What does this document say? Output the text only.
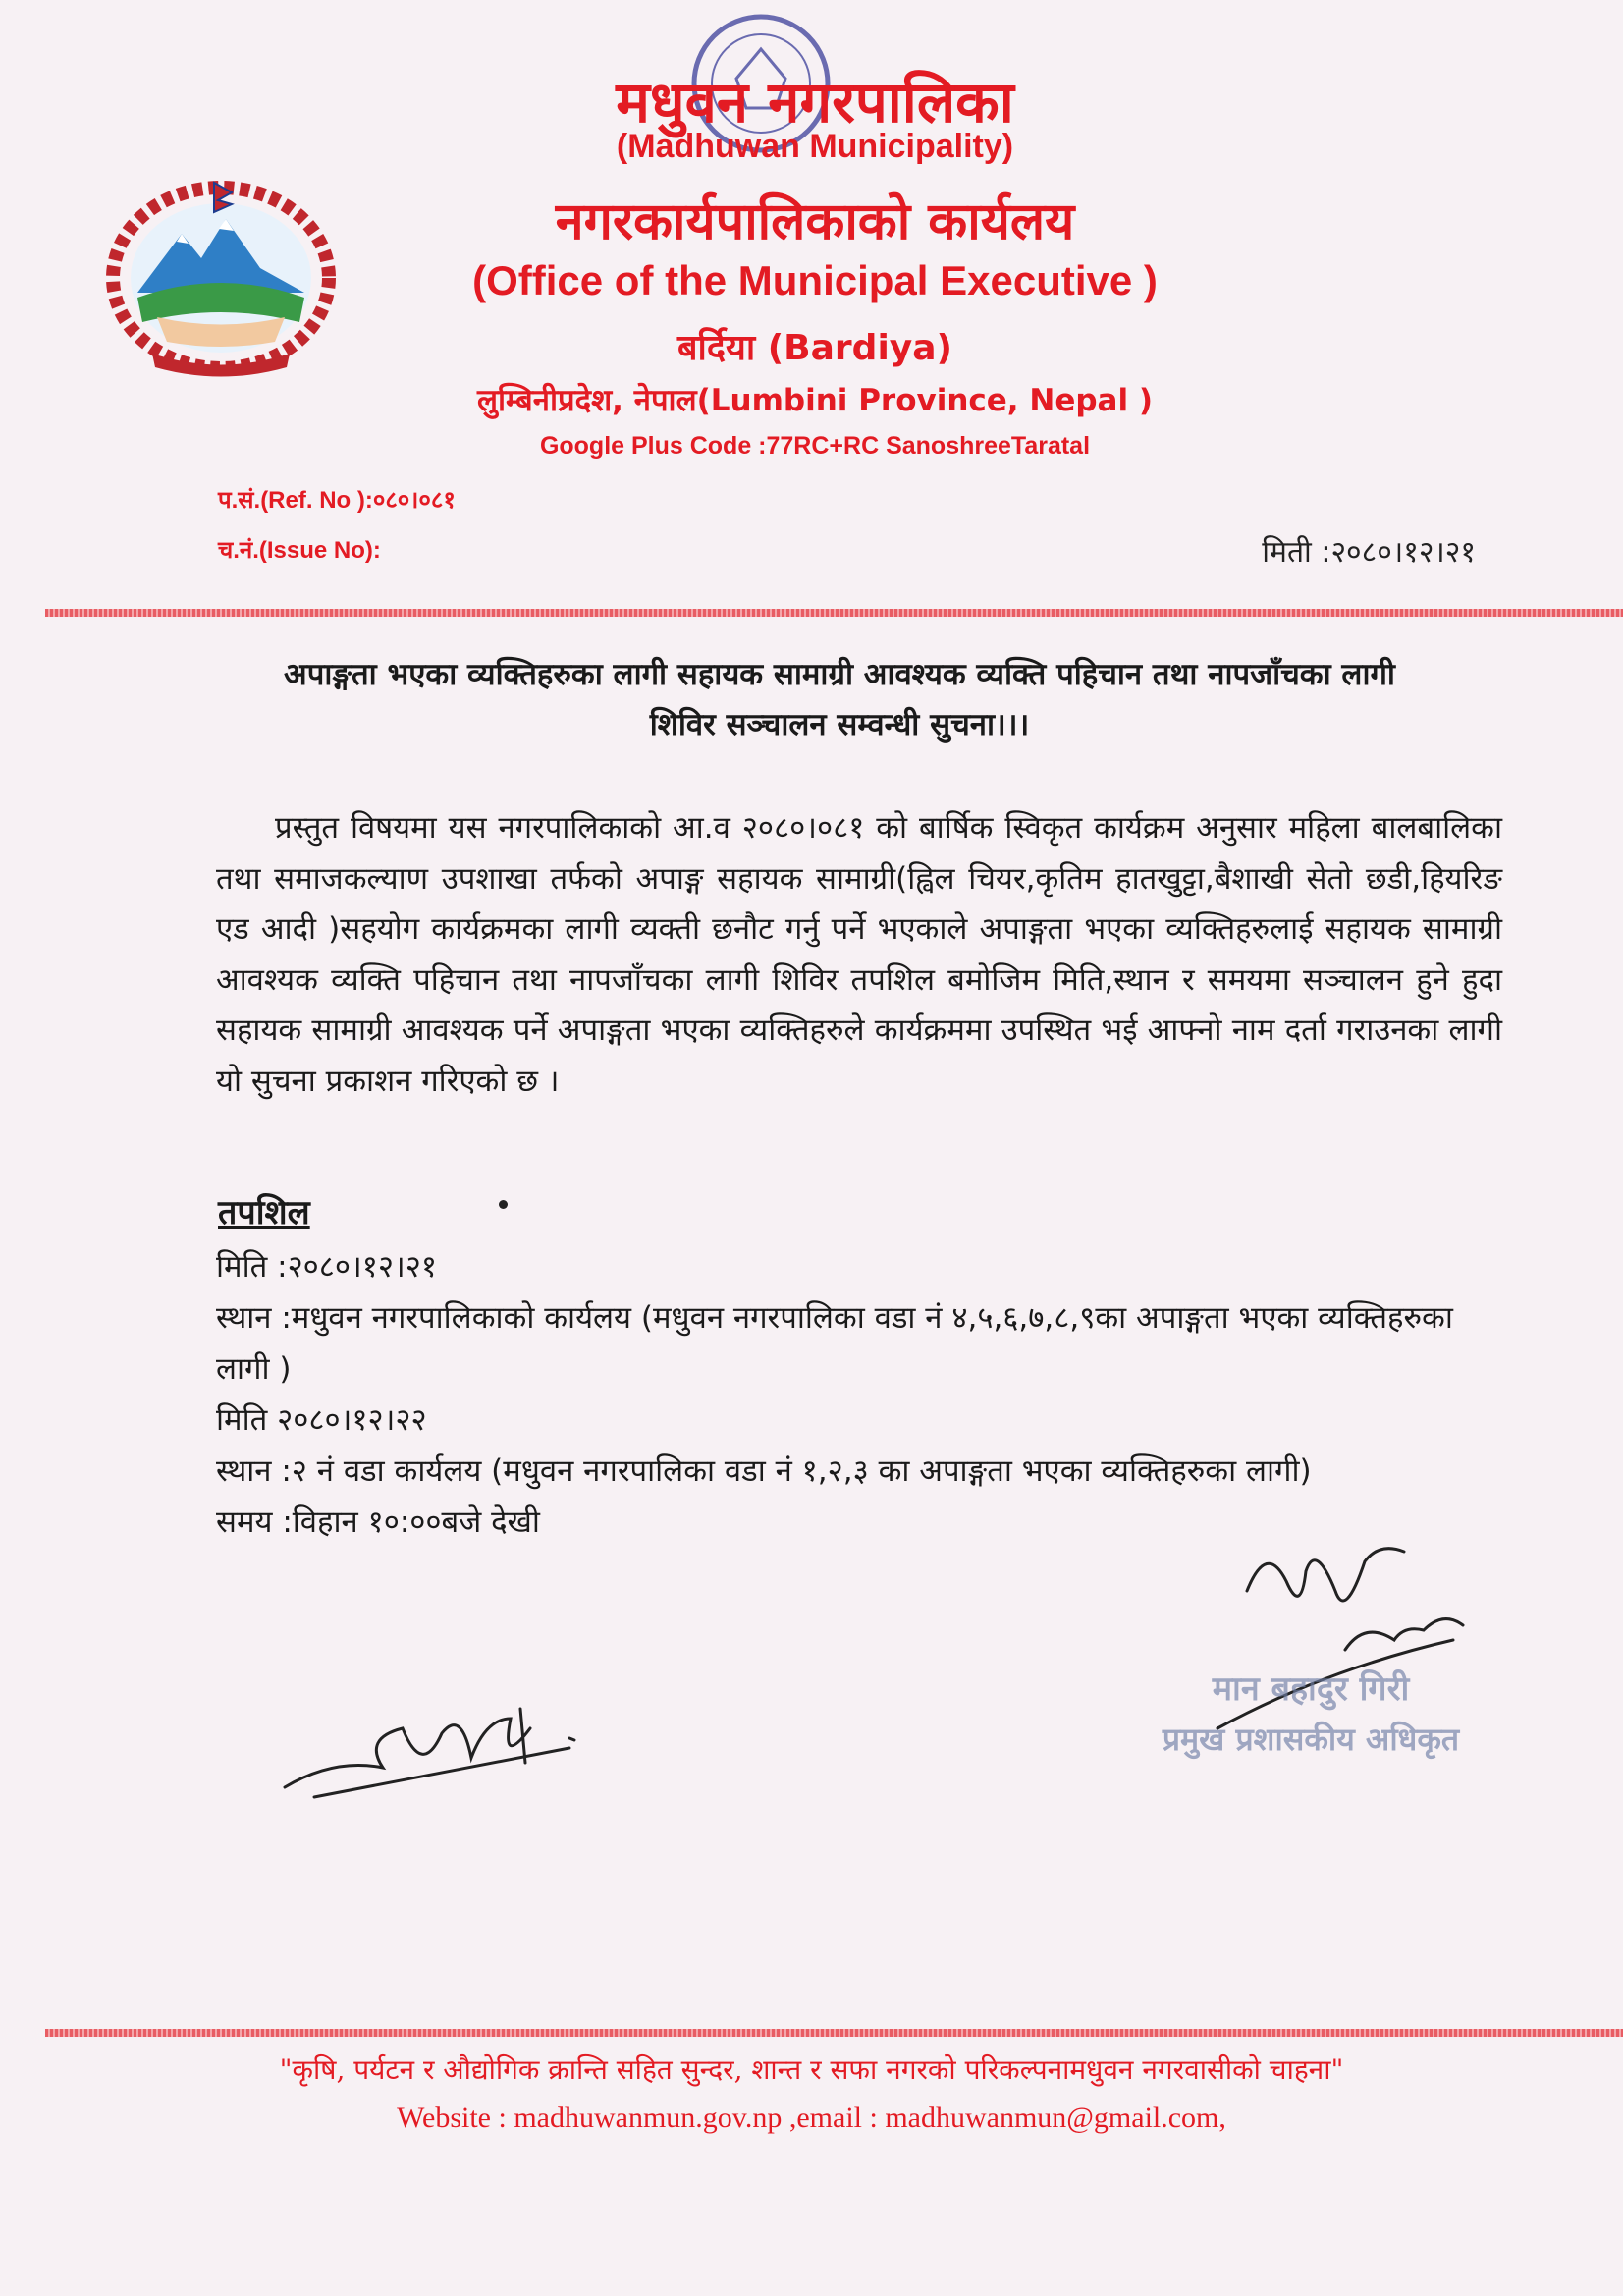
मधुवन नगरपालिका
(Madhuwan Municipality)
नगरकार्यपालिकाको कार्यलय
(Office of the Municipal Executive )
बर्दिया (Bardiya)
लुम्बिनीप्रदेश, नेपाल(Lumbini Province, Nepal )
Google Plus Code :77RC+RC SanoshreeTaratal
प.सं.(Ref. No ):०८०।०८१
च.नं.(Issue No):	मिती :२०८०।१२।२१
अपाङ्गता भएका व्यक्तिहरुका लागी सहायक सामाग्री आवश्यक व्यक्ति पहिचान तथा नापजाँचका लागी
शिविर सञ्चालन सम्वन्धी सुचना।।।
प्रस्तुत विषयमा यस नगरपालिकाको आ.व २०८०।०८१ को बार्षिक स्विकृत कार्यक्रम अनुसार महिला बालबालिका तथा समाजकल्याण उपशाखा तर्फको अपाङ्ग सहायक सामाग्री(ह्विल चियर,कृतिम हातखुट्टा,बैशाखी सेतो छडी,हियरिङ एड आदी )सहयोग कार्यक्रमका लागी व्यक्ती छनौट गर्नु पर्ने भएकाले अपाङ्गता भएका व्यक्तिहरुलाई सहायक सामाग्री आवश्यक व्यक्ति पहिचान तथा नापजाँचका लागी शिविर तपशिल बमोजिम मिति,स्थान र समयमा सञ्चालन हुने हुदा सहायक सामाग्री आवश्यक पर्ने अपाङ्गता भएका व्यक्तिहरुले कार्यक्रममा उपस्थित भई आफ्नो नाम दर्ता गराउनका लागी यो सुचना प्रकाशन गरिएको छ ।
तपशिल
मिति :२०८०।१२।२१
स्थान :मधुवन नगरपालिकाको कार्यलय (मधुवन नगरपालिका वडा नं ४,५,६,७,८,९का अपाङ्गता भएका व्यक्तिहरुका लागी )
मिति २०८०।१२।२२
स्थान :२ नं वडा कार्यलय (मधुवन नगरपालिका वडा नं १,२,३ का अपाङ्गता भएका व्यक्तिहरुका लागी)
समय :विहान १०:००बजे देखी
मान बहादुर गिरी
प्रमुख प्रशासकीय अधिकृत
"कृषि, पर्यटन र औद्योगिक क्रान्ति सहित सुन्दर, शान्त र सफा नगरको परिकल्पनामधुवन नगरवासीको चाहना"
Website : madhuwanmun.gov.np ,email : madhuwanmun@gmail.com,
